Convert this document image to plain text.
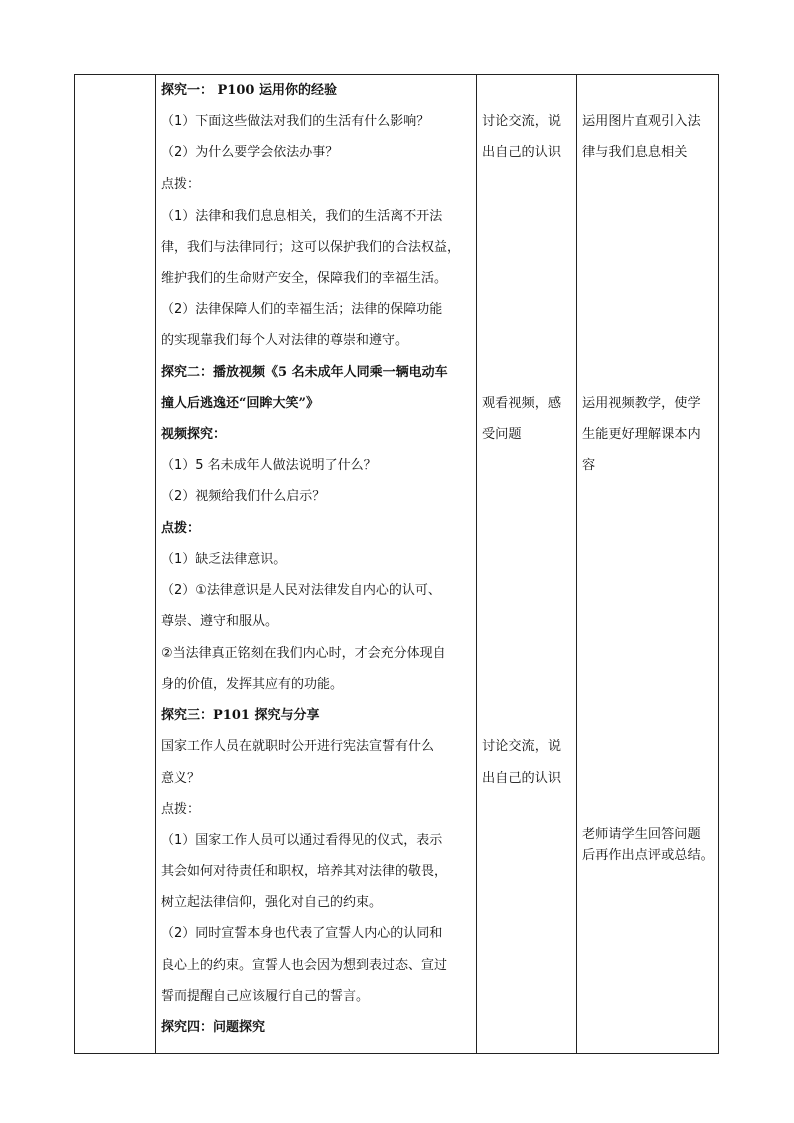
探究一： P100 运用你的经验
（1）下面这些做法对我们的生活有什么影响？
（2）为什么要学会依法办事？
点拨：
（1）法律和我们息息相关，我们的生活离不开法
律，我们与法律同行；这可以保护我们的合法权益，
维护我们的生命财产安全，保障我们的幸福生活。
（2）法律保障人们的幸福生活；法律的保障功能
的实现靠我们每个人对法律的尊崇和遵守。
探究二：播放视频《5 名未成年人同乘一辆电动车
撞人后逃逸还“回眸大笑”》
视频探究：
（1）5 名未成年人做法说明了什么？
（2）视频给我们什么启示？
点拨：
（1）缺乏法律意识。
（2）①法律意识是人民对法律发自内心的认可、
尊崇、遵守和服从。
②当法律真正铭刻在我们内心时，才会充分体现自
身的价值，发挥其应有的功能。
探究三：P101 探究与分享
国家工作人员在就职时公开进行宪法宣誓有什么
意义？
点拨：
（1）国家工作人员可以通过看得见的仪式，表示
其会如何对待责任和职权，培养其对法律的敬畏，
树立起法律信仰，强化对自己的约束。
（2）同时宣誓本身也代表了宣誓人内心的认同和
良心上的约束。宣誓人也会因为想到表过态、宣过
誓而提醒自己应该履行自己的誓言。
探究四：问题探究
讨论交流，说
出自己的认识
观看视频，感
受问题
讨论交流，说
出自己的认识
运用图片直观引入法
律与我们息息相关
运用视频教学，使学
生能更好理解课本内
容
老师请学生回答问题
后再作出点评或总结。
